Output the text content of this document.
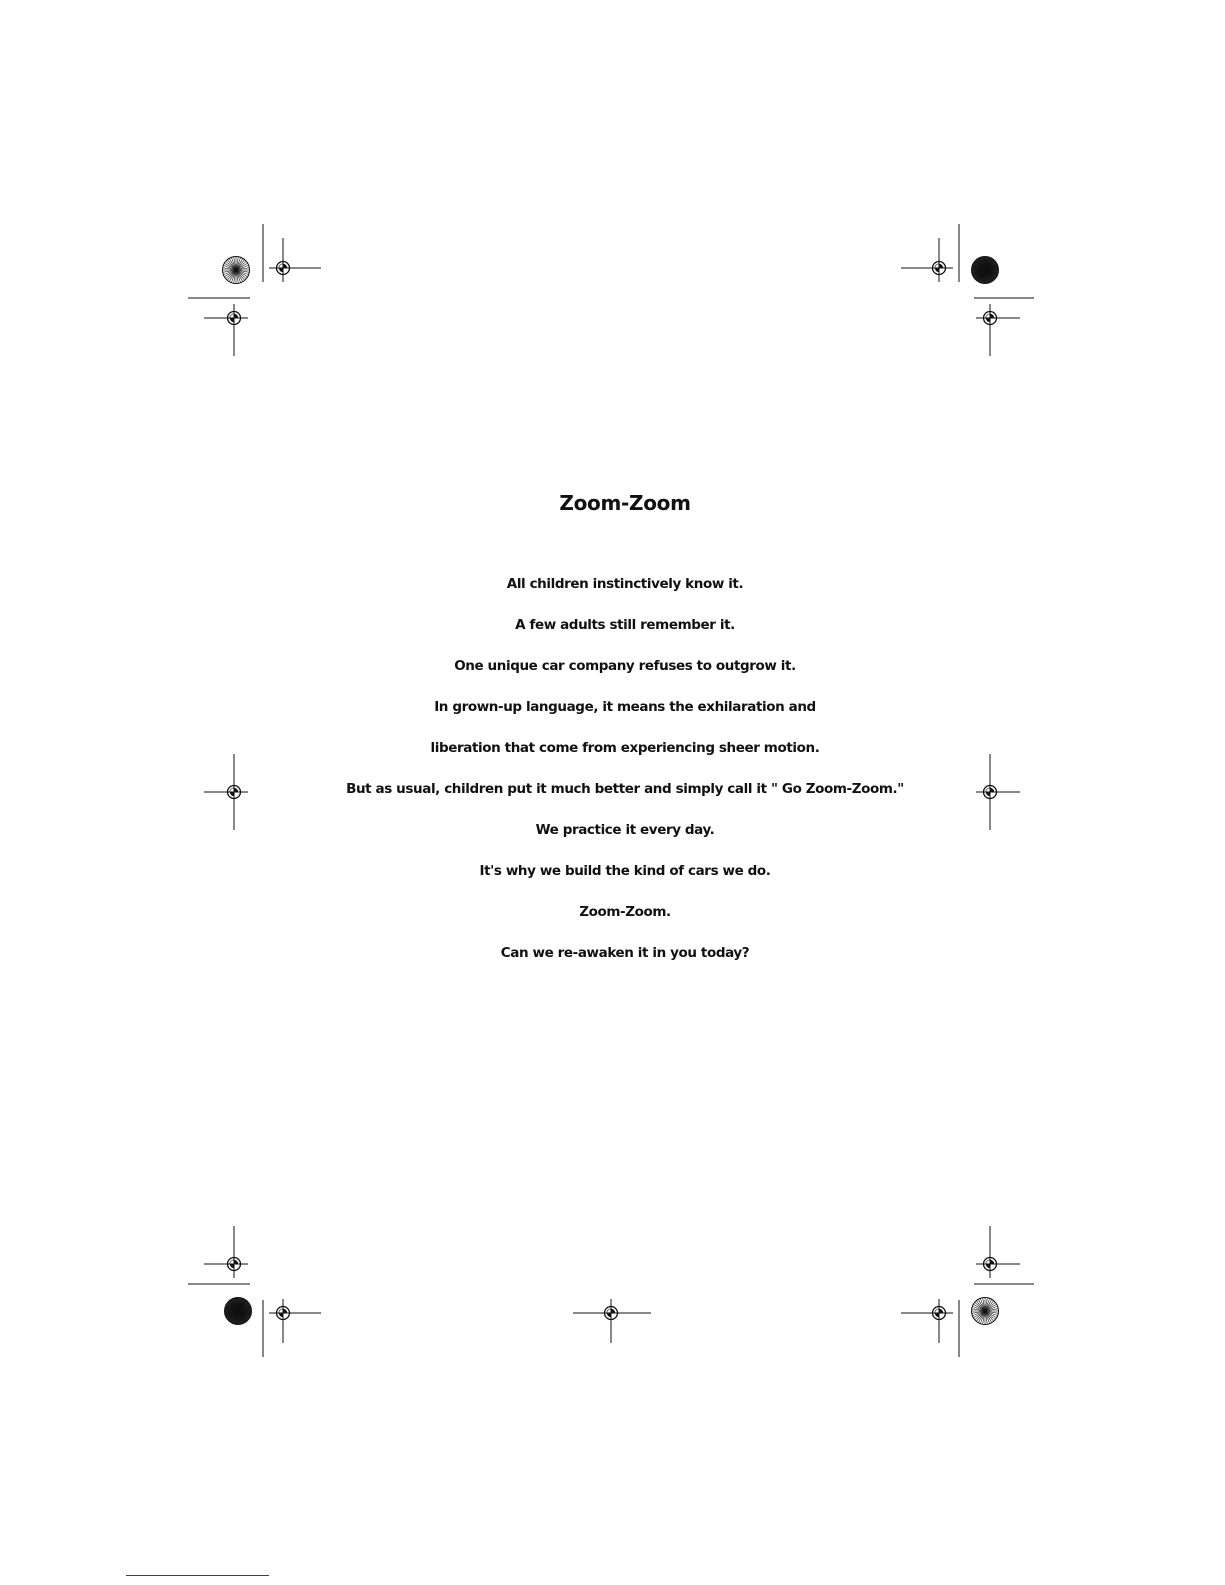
Zoom-Zoom

All children instinctively know it.

A few adults still remember it.

One unique car company refuses to outgrow it.

In grown-up language, it means the exhilaration and

liberation that come from experiencing sheer motion.

But as usual, children put it much better and simply call it " Go Zoom-Zoom."

We practice it every day.

It's why we build the kind of cars we do.

Zoom-Zoom.

Can we re-awaken it in you today?
